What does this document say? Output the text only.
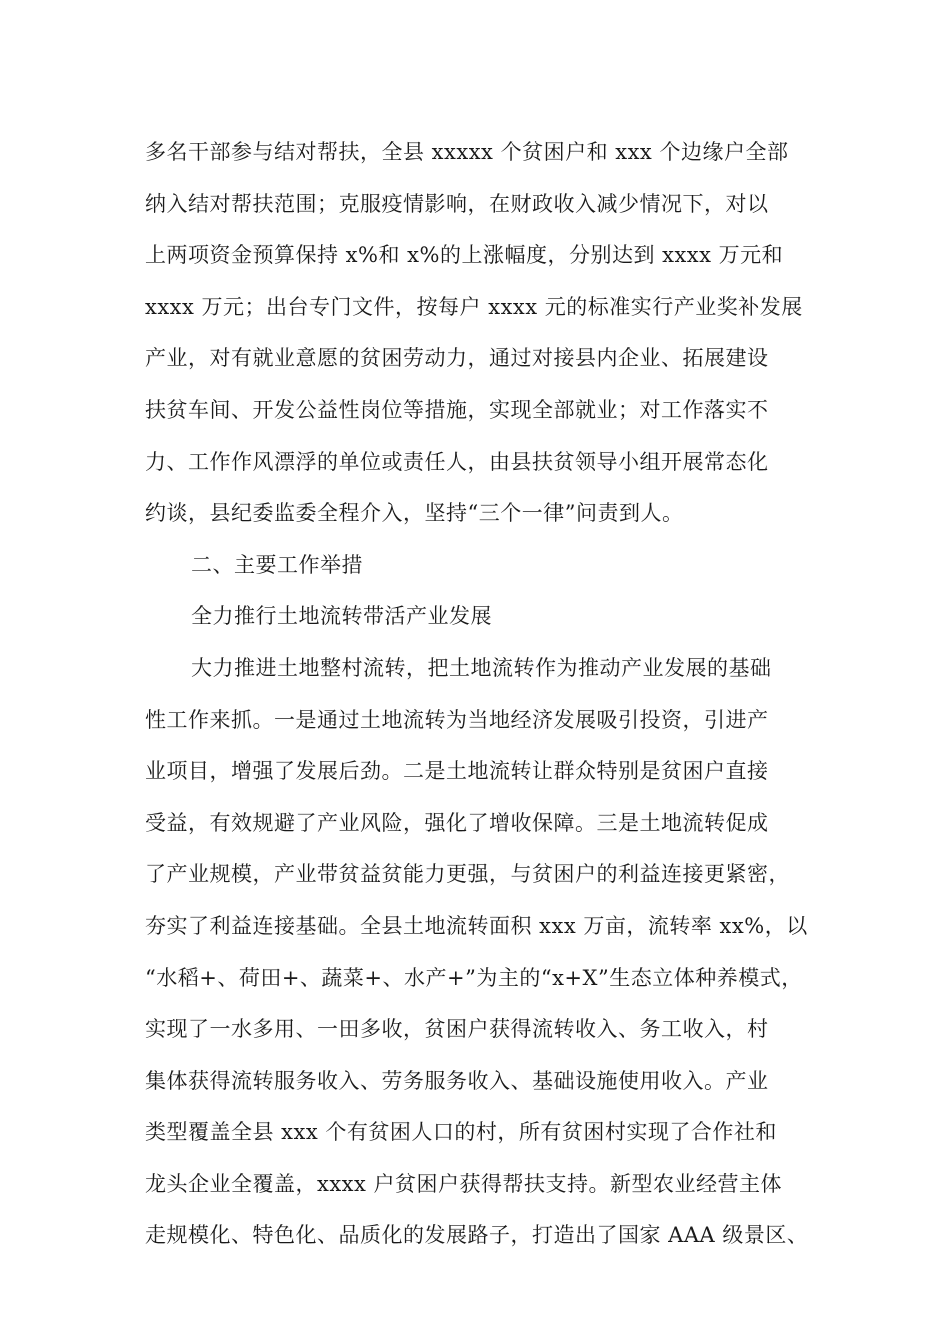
多名干部参与结对帮扶，全县 xxxxx 个贫困户和 xxx 个边缘户全部
纳入结对帮扶范围；克服疫情影响，在财政收入减少情况下，对以
上两项资金预算保持 x%和 x%的上涨幅度，分别达到 xxxx 万元和
xxxx 万元；出台专门文件，按每户 xxxx 元的标准实行产业奖补发展
产业，对有就业意愿的贫困劳动力，通过对接县内企业、拓展建设
扶贫车间、开发公益性岗位等措施，实现全部就业；对工作落实不
力、工作作风漂浮的单位或责任人，由县扶贫领导小组开展常态化
约谈，县纪委监委全程介入，坚持“三个一律”问责到人。
二、主要工作举措
全力推行土地流转带活产业发展
大力推进土地整村流转，把土地流转作为推动产业发展的基础
性工作来抓。一是通过土地流转为当地经济发展吸引投资，引进产
业项目，增强了发展后劲。二是土地流转让群众特别是贫困户直接
受益，有效规避了产业风险，强化了增收保障。三是土地流转促成
了产业规模，产业带贫益贫能力更强，与贫困户的利益连接更紧密，
夯实了利益连接基础。全县土地流转面积 xxx 万亩，流转率 xx%，以
“水稻+、荷田+、蔬菜+、水产+”为主的“x+X”生态立体种养模式，
实现了一水多用、一田多收，贫困户获得流转收入、务工收入，村
集体获得流转服务收入、劳务服务收入、基础设施使用收入。产业
类型覆盖全县 xxx 个有贫困人口的村，所有贫困村实现了合作社和
龙头企业全覆盖，xxxx 户贫困户获得帮扶支持。新型农业经营主体
走规模化、特色化、品质化的发展路子，打造出了国家 AAA 级景区、
